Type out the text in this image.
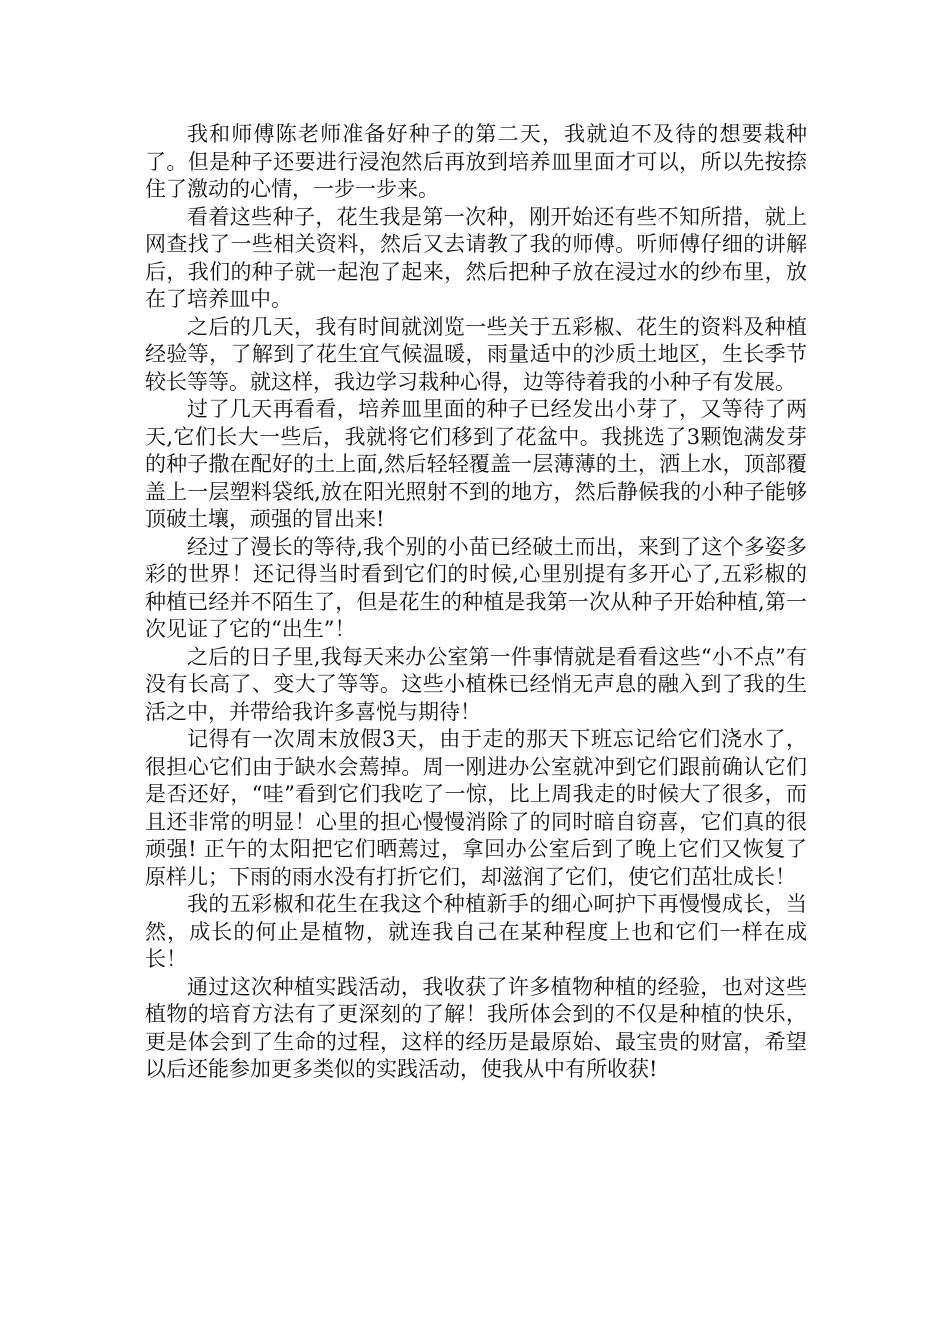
我和师傅陈老师准备好种子的第二天，我就迫不及待的想要栽种了。但是种子还要进行浸泡然后再放到培养皿里面才可以，所以先按捺住了激动的心情，一步一步来。

看着这些种子，花生我是第一次种，刚开始还有些不知所措，就上网查找了一些相关资料，然后又去请教了我的师傅。听师傅仔细的讲解后，我们的种子就一起泡了起来，然后把种子放在浸过水的纱布里，放在了培养皿中。

之后的几天，我有时间就浏览一些关于五彩椒、花生的资料及种植经验等，了解到了花生宜气候温暖，雨量适中的沙质土地区，生长季节较长等等。就这样，我边学习栽种心得，边等待着我的小种子有发展。

过了几天再看看，培养皿里面的种子已经发出小芽了，又等待了两天,它们长大一些后，我就将它们移到了花盆中。我挑选了3颗饱满发芽的种子撒在配好的土上面,然后轻轻覆盖一层薄薄的土，洒上水，顶部覆盖上一层塑料袋纸,放在阳光照射不到的地方，然后静候我的小种子能够顶破土壤，顽强的冒出来!

经过了漫长的等待,我个别的小苗已经破土而出，来到了这个多姿多彩的世界！还记得当时看到它们的时候,心里别提有多开心了,五彩椒的种植已经并不陌生了，但是花生的种植是我第一次从种子开始种植,第一次见证了它的“出生”！

之后的日子里,我每天来办公室第一件事情就是看看这些“小不点”有没有长高了、变大了等等。这些小植株已经悄无声息的融入到了我的生活之中，并带给我许多喜悦与期待！

记得有一次周末放假3天，由于走的那天下班忘记给它们浇水了，很担心它们由于缺水会蔫掉。周一刚进办公室就冲到它们跟前确认它们是否还好，“哇”看到它们我吃了一惊，比上周我走的时候大了很多，而且还非常的明显！心里的担心慢慢消除了的同时暗自窃喜，它们真的很顽强! 正午的太阳把它们晒蔫过，拿回办公室后到了晚上它们又恢复了原样儿；下雨的雨水没有打折它们，却滋润了它们，使它们茁壮成长！

我的五彩椒和花生在我这个种植新手的细心呵护下再慢慢成长，当然，成长的何止是植物，就连我自己在某种程度上也和它们一样在成长！

通过这次种植实践活动，我收获了许多植物种植的经验，也对这些植物的培育方法有了更深刻的了解！我所体会到的不仅是种植的快乐，更是体会到了生命的过程，这样的经历是最原始、最宝贵的财富，希望以后还能参加更多类似的实践活动，使我从中有所收获!
